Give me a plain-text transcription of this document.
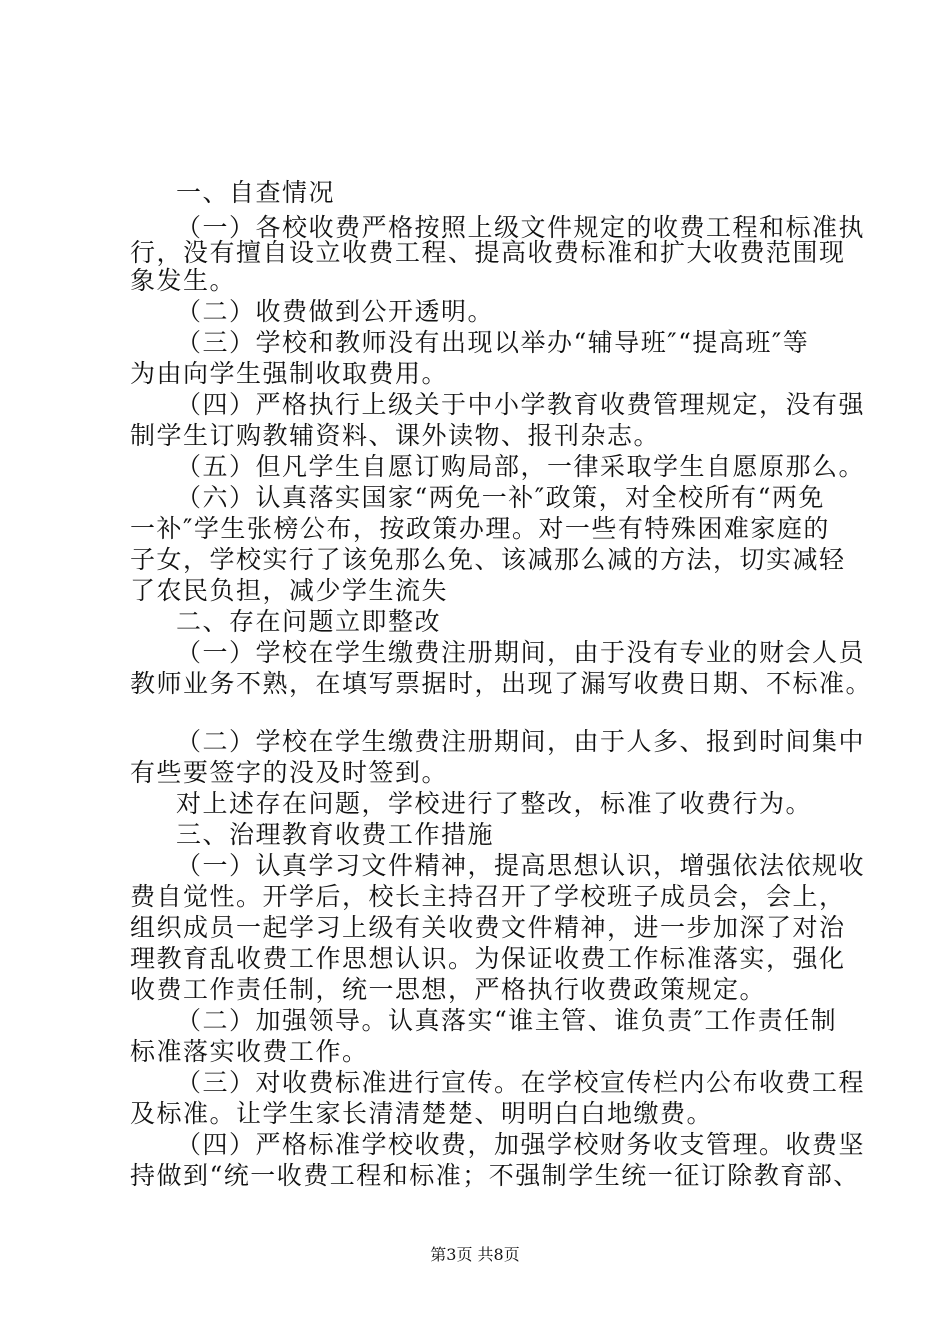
一、自查情况
（一）各校收费严格按照上级文件规定的收费工程和标准执
行，没有擅自设立收费工程、提高收费标准和扩大收费范围现
象发生。
（二）收费做到公开透明。
（三）学校和教师没有出现以举办“辅导班″“提高班″等
为由向学生强制收取费用。
（四）严格执行上级关于中小学教育收费管理规定，没有强
制学生订购教辅资料、课外读物、报刊杂志。
（五）但凡学生自愿订购局部，一律采取学生自愿原那么。
（六）认真落实国家“两免一补″政策，对全校所有“两免
一补″学生张榜公布，按政策办理。对一些有特殊困难家庭的
子女，学校实行了该免那么免、该减那么减的方法，切实减轻
了农民负担，减少学生流失
二、存在问题立即整改
（一）学校在学生缴费注册期间，由于没有专业的财会人员
教师业务不熟，在填写票据时，出现了漏写收费日期、不标准。
（二）学校在学生缴费注册期间，由于人多、报到时间集中
有些要签字的没及时签到。
对上述存在问题，学校进行了整改，标准了收费行为。
三、治理教育收费工作措施
（一）认真学习文件精神，提高思想认识，增强依法依规收
费自觉性。开学后，校长主持召开了学校班子成员会，会上，
组织成员一起学习上级有关收费文件精神，进一步加深了对治
理教育乱收费工作思想认识。为保证收费工作标准落实，强化
收费工作责任制，统一思想，严格执行收费政策规定。
（二）加强领导。认真落实“谁主管、谁负责″工作责任制
标准落实收费工作。
（三）对收费标准进行宣传。在学校宣传栏内公布收费工程
及标准。让学生家长清清楚楚、明明白白地缴费。
（四）严格标准学校收费，加强学校财务收支管理。收费坚
持做到“统一收费工程和标准；不强制学生统一征订除教育部、
第3页 共8页
